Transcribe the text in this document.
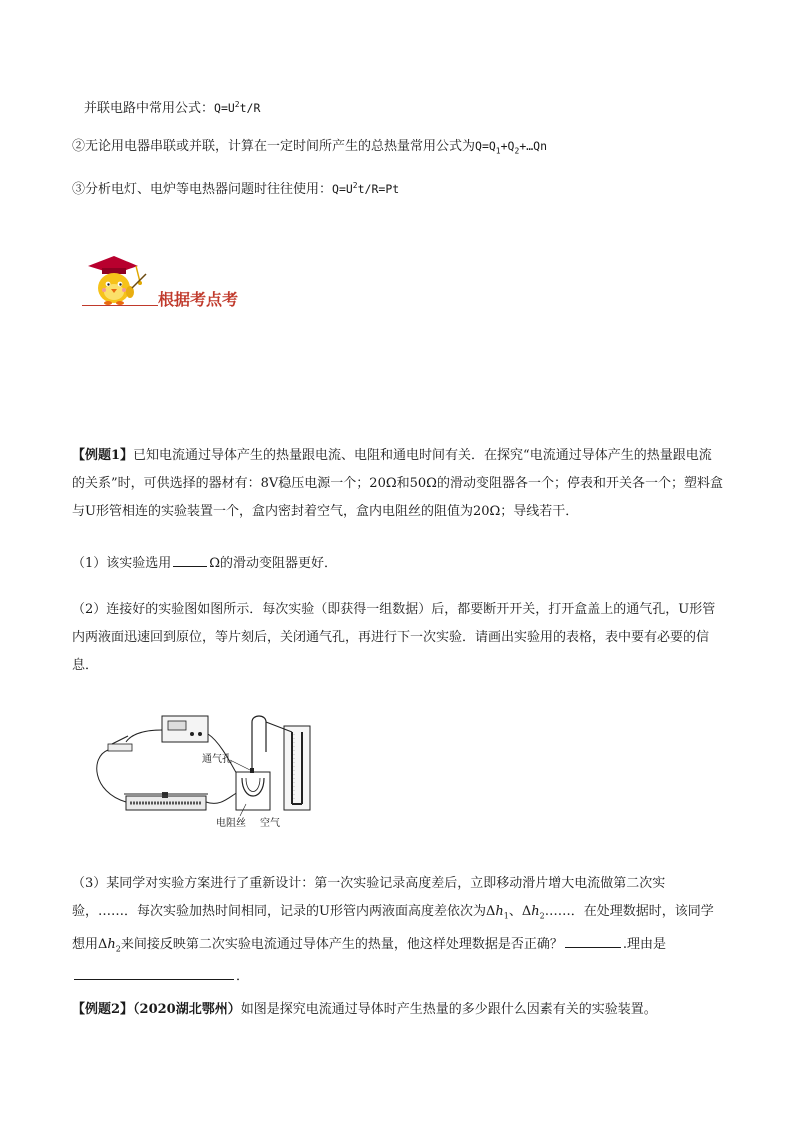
并联电路中常用公式：$Q=U^2t/R$
②无论用电器串联或并联，计算在一定时间所产生的总热量常用公式为$Q=Q_1+Q_2+\dots Qn$
③分析电灯、电炉等电热器问题时往往使用：$Q=U^2t/R=Pt$
根据考点考
【例题1】已知电流通过导体产生的热量跟电流、电阻和通电时间有关．在探究“电流通过导体产生的热量跟电流的关系”时，可供选择的器材有：8V稳压电源一个；20Ω和50Ω的滑动变阻器各一个；停表和开关各一个；塑料盒与U形管相连的实验装置一个，盒内密封着空气，盒内电阻丝的阻值为20Ω；导线若干．
（1）该实验选用	Ω的滑动变阻器更好．
（2）连接好的实验图如图所示．每次实验（即获得一组数据）后，都要断开开关，打开盒盖上的通气孔，U形管内两液面迅速回到原位，等片刻后，关闭通气孔，再进行下一次实验．请画出实验用的表格，表中要有必要的信息．
通气孔
电阻丝 空气
（3）某同学对实验方案进行了重新设计：第一次实验记录高度差后，立即移动滑片增大电流做第二次实验，……．每次实验加热时间相同，记录的U形管内两液面高度差依次为$\Delta h_1$、$\Delta h_2\dots\dots$．在处理数据时，该同学想用$\Delta h_2$来间接反映第二次实验电流通过导体产生的热量，他这样处理数据是否正确？	.理由是．
【例题2】（2020湖北鄂州）如图是探究电流通过导体时产生热量的多少跟什么因素有关的实验装置。
